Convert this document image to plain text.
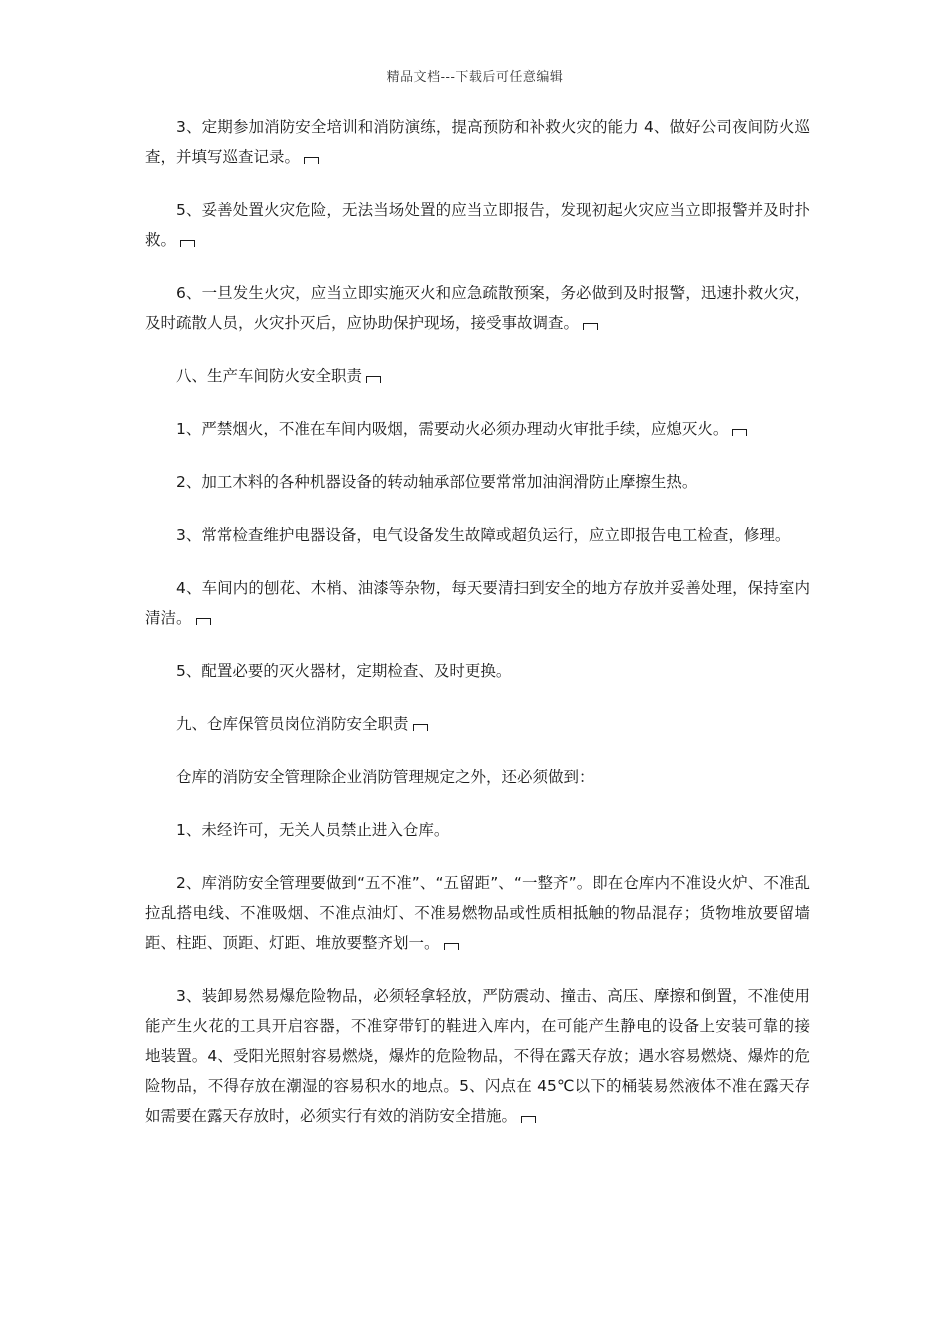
精品文档---下载后可任意编辑

3、定期参加消防安全培训和消防演练，提高预防和补救火灾的能力 4、做好公司夜间防火巡查，并填写巡查记录。

5、妥善处置火灾危险，无法当场处置的应当立即报告，发现初起火灾应当立即报警并及时扑救。

6、一旦发生火灾，应当立即实施灭火和应急疏散预案，务必做到及时报警，迅速扑救火灾，及时疏散人员，火灾扑灭后，应协助保护现场，接受事故调查。

八、生产车间防火安全职责

1、严禁烟火，不准在车间内吸烟，需要动火必须办理动火审批手续，应熄灭火。

2、加工木料的各种机器设备的转动轴承部位要常常加油润滑防止摩擦生热。

3、常常检查维护电器设备，电气设备发生故障或超负运行，应立即报告电工检查，修理。

4、车间内的刨花、木梢、油漆等杂物，每天要清扫到安全的地方存放并妥善处理，保持室内清洁。

5、配置必要的灭火器材，定期检查、及时更换。

九、仓库保管员岗位消防安全职责

仓库的消防安全管理除企业消防管理规定之外，还必须做到：

1、未经许可，无关人员禁止进入仓库。

2、库消防安全管理要做到“五不准”、“五留距”、“一整齐”。即在仓库内不准设火炉、不准乱拉乱搭电线、不准吸烟、不准点油灯、不准易燃物品或性质相抵触的物品混存；货物堆放要留墙距、柱距、顶距、灯距、堆放要整齐划一。

3、装卸易然易爆危险物品，必须轻拿轻放，严防震动、撞击、高压、摩擦和倒置，不准使用能产生火花的工具开启容器，不准穿带钉的鞋进入库内，在可能产生静电的设备上安装可靠的接地装置。4、受阳光照射容易燃烧，爆炸的危险物品，不得在露天存放；遇水容易燃烧、爆炸的危险物品，不得存放在潮湿的容易积水的地点。5、闪点在 45℃以下的桶装易然液体不准在露天存如需要在露天存放时，必须实行有效的消防安全措施。
